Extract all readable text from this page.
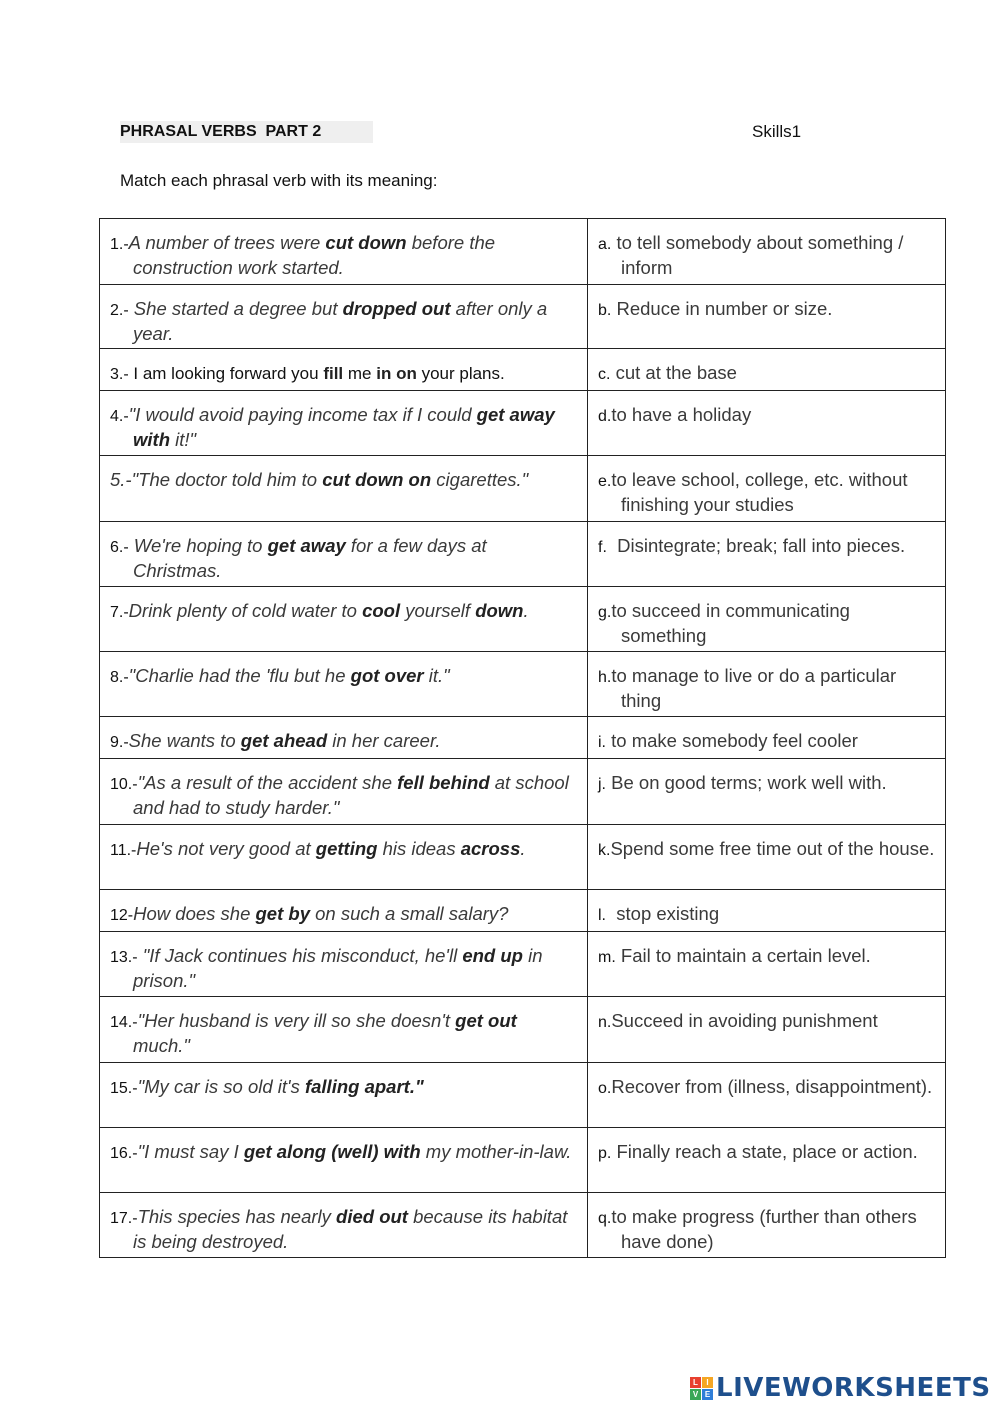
PHRASAL VERBS  PART 2	Skills1
Match each phrasal verb with its meaning:
1.-A number of trees were cut down before the construction work started.	a. to tell somebody about something / inform

2.- She started a degree but dropped out after only a year.	b. Reduce in number or size.

3.- I am looking forward you fill me in on your plans.	c. cut at the base

4.-"I would avoid paying income tax if I could get away with it!"	d.to have a holiday

5.-"The doctor told him to cut down on cigarettes."	e.to leave school, college, etc. without finishing your studies

6.- We're hoping to get away for a few days at Christmas.	f.  Disintegrate; break; fall into pieces.

7.-Drink plenty of cold water to cool yourself down.	g.to succeed in communicating something

8.-"Charlie had the 'flu but he got over it."	h.to manage to live or do a particular thing

9.-She wants to get ahead in her career.	i. to make somebody feel cooler

10.-"As a result of the accident she fell behind at school and had to study harder."	j. Be on good terms; work well with.

11.-He's not very good at getting his ideas across.	k.Spend some free time out of the house.

12-How does she get by on such a small salary?	l.  stop existing

13.- "If Jack continues his misconduct, he'll end up in prison."	m. Fail to maintain a certain level.

14.-"Her husband is very ill so she doesn't get out much."	n.Succeed in avoiding punishment

15.-"My car is so old it's falling apart."	o.Recover from (illness, disappointment).

16.-"I must say I get along (well) with my mother-in-law.	p. Finally reach a state, place or action.

17.-This species has nearly died out because its habitat is being destroyed.	q.to make progress (further than others have done)
L	I
V E LIVEWORKSHEETS
